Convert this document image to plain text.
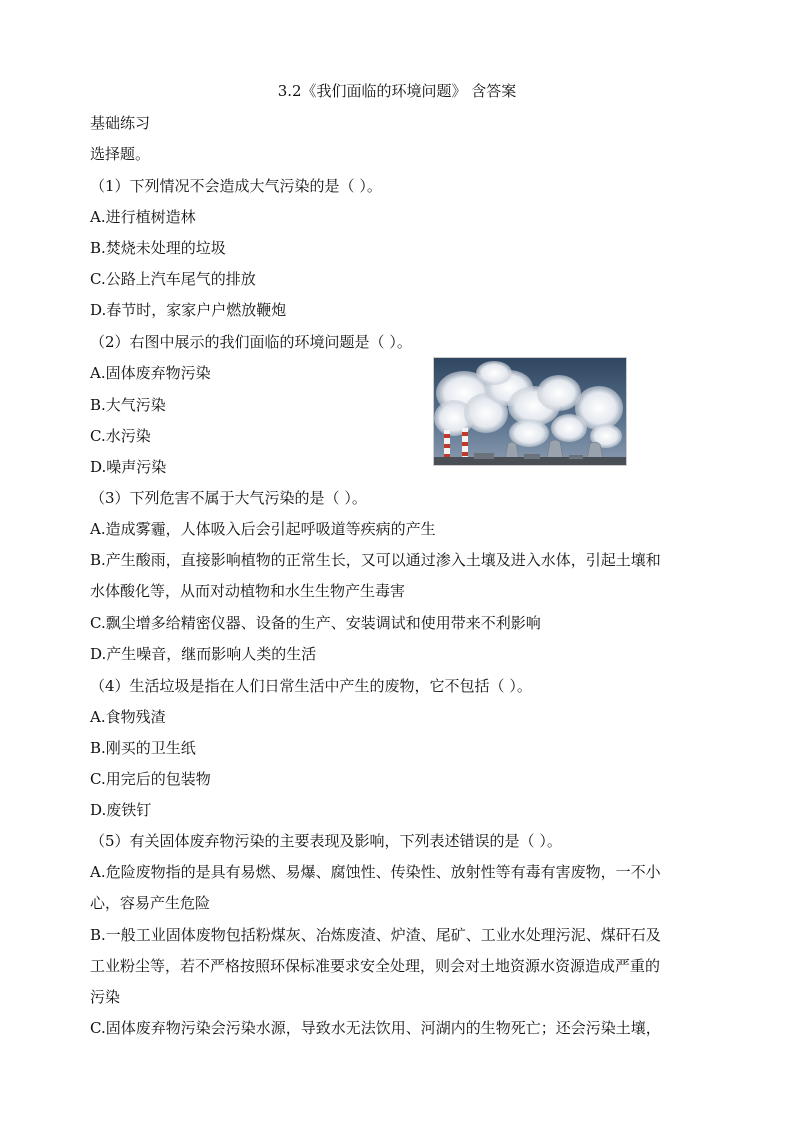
3.2《我们面临的环境问题》 含答案
基础练习
选择题。
（1）下列情况不会造成大气污染的是（ ）。
A.进行植树造林
B.焚烧未处理的垃圾
C.公路上汽车尾气的排放
D.春节时，家家户户燃放鞭炮
（2）右图中展示的我们面临的环境问题是（ ）。
A.固体废弃物污染
B.大气污染
C.水污染
D.噪声污染
（3）下列危害不属于大气污染的是（ ）。
A.造成雾霾，人体吸入后会引起呼吸道等疾病的产生
B.产生酸雨，直接影响植物的正常生长，又可以通过渗入土壤及进入水体，引起土壤和
水体酸化等，从而对动植物和水生生物产生毒害
C.飘尘增多给精密仪器、设备的生产、安装调试和使用带来不利影响
D.产生噪音，继而影响人类的生活
（4）生活垃圾是指在人们日常生活中产生的废物，它不包括（ ）。
A.食物残渣
B.刚买的卫生纸
C.用完后的包装物
D.废铁钉
（5）有关固体废弃物污染的主要表现及影响，下列表述错误的是（ ）。
A.危险废物指的是具有易燃、易爆、腐蚀性、传染性、放射性等有毒有害废物，一不小
心，容易产生危险
B.一般工业固体废物包括粉煤灰、冶炼废渣、炉渣、尾矿、工业水处理污泥、煤矸石及
工业粉尘等，若不严格按照环保标准要求安全处理，则会对土地资源水资源造成严重的
污染
C.固体废弃物污染会污染水源，导致水无法饮用、河湖内的生物死亡；还会污染土壤，
